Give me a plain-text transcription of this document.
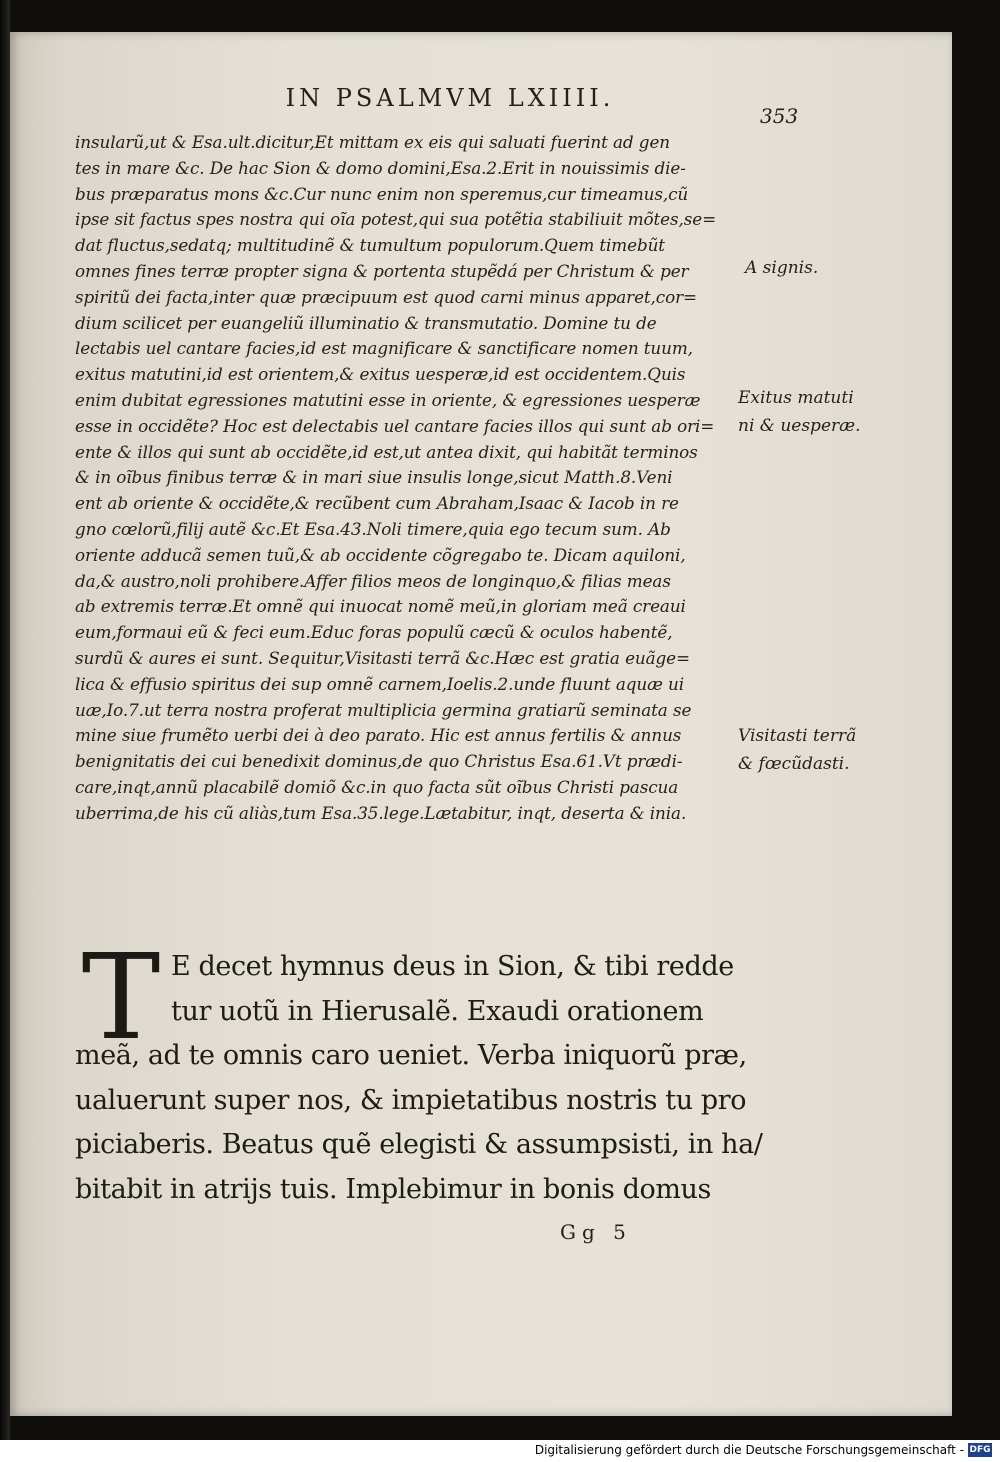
IN PSALMVM LXIIII.
353
insularũ,ut & Esa.ult.dicitur,Et mittam ex eis qui saluati fuerint ad gen
tes in mare &c. De hac Sion & domo domini,Esa.2.Erit in nouissimis die-
bus præparatus mons &c.Cur nunc enim non speremus,cur timeamus,cũ
ipse sit factus spes nostra qui oĩa potest,qui sua potẽtia stabiliuit mõtes,se=
dat fluctus,sedatq; multitudinẽ & tumultum populorum.Quem timebũt
omnes fines terræ propter signa & portenta stupẽdá per Christum & per
spiritũ dei facta,inter quæ præcipuum est quod carni minus apparet,cor=
dium scilicet per euangeliũ illuminatio & transmutatio. Domine tu de
lectabis uel cantare facies,id est magnificare & sanctificare nomen tuum,
exitus matutini,id est orientem,& exitus uesperæ,id est occidentem.Quis
enim dubitat egressiones matutini esse in oriente, & egressiones uesperæ
esse in occidẽte? Hoc est delectabis uel cantare facies illos qui sunt ab ori=
ente & illos qui sunt ab occidẽte,id est,ut antea dixit, qui habitãt terminos
& in oĩbus finibus terræ & in mari siue insulis longe,sicut Matth.8.Veni
ent ab oriente & occidẽte,& recũbent cum Abraham,Isaac & Iacob in re
gno cœlorũ,filij autẽ &c.Et Esa.43.Noli timere,quia ego tecum sum. Ab
oriente adducã semen tuũ,& ab occidente cõgregabo te. Dicam aquiloni,
da,& austro,noli prohibere.Affer filios meos de longinquo,& filias meas
ab extremis terræ.Et omnẽ qui inuocat nomẽ meũ,in gloriam meã creaui
eum,formaui eũ & feci eum.Educ foras populũ cæcũ & oculos habentẽ,
surdũ & aures ei sunt. Sequitur,Visitasti terrã &c.Hæc est gratia euãge=
lica & effusio spiritus dei sup omnẽ carnem,Ioelis.2.unde fluunt aquæ ui
uæ,Io.7.ut terra nostra proferat multiplicia germina gratiarũ seminata se
mine siue frumẽto uerbi dei à deo parato. Hic est annus fertilis & annus
benignitatis dei cui benedixit dominus,de quo Christus Esa.61.Vt prædi-
care,inqt,annũ placabilẽ domiõ &c.in quo facta sũt oĩbus Christi pascua
uberrima,de his cũ aliàs,tum Esa.35.lege.Lætabitur, inqt, deserta & inia.
A signis.
Exitus matuti
ni & uesperæ.
Visitasti terrã
& fœcũdasti.
T E decet hymnus deus in Sion, & tibi redde
tur uotũ in Hierusalẽ. Exaudi orationem
meã, ad te omnis caro ueniet. Verba iniquorũ præ,
ualuerunt super nos, & impietatibus nostris tu pro
piciaberis. Beatus quẽ elegisti & assumpsisti, in ha/
bitabit in atrijs tuis. Implebimur in bonis domus
Gg 5
Digitalisierung gefördert durch die Deutsche Forschungsgemeinschaft - DFG
